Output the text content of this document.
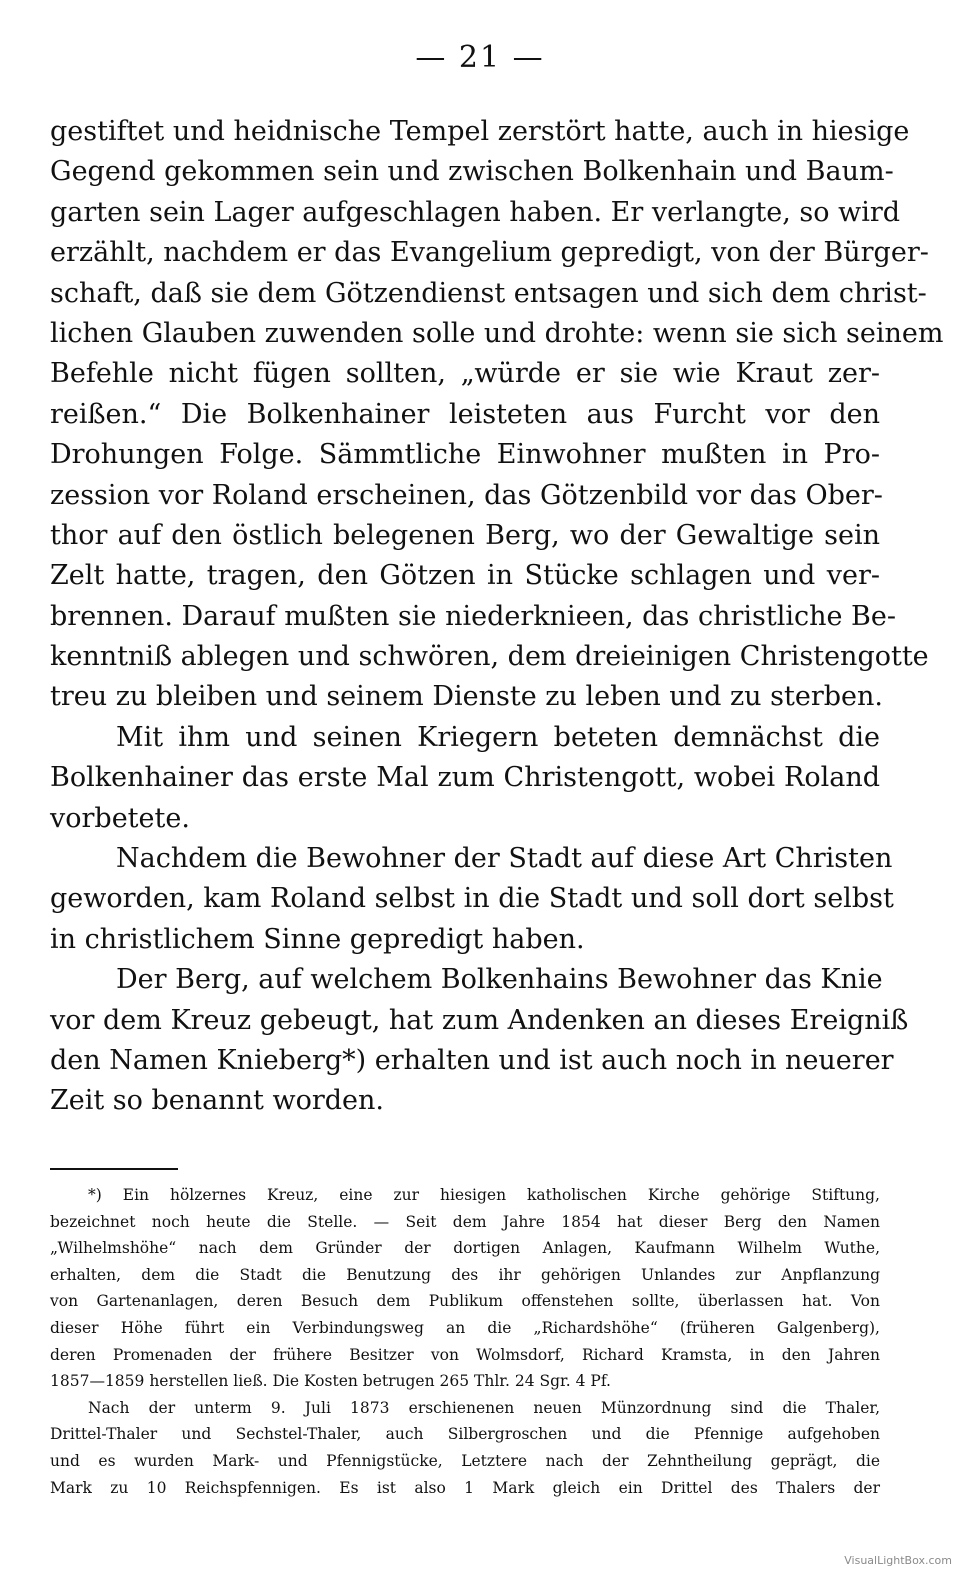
— 21 —
gestiftet und heidnische Tempel zerstört hatte, auch in hiesige
Gegend gekommen sein und zwischen Bolkenhain und Baum-
garten sein Lager aufgeschlagen haben. Er verlangte, so wird
erzählt, nachdem er das Evangelium gepredigt, von der Bürger-
schaft, daß sie dem Götzendienst entsagen und sich dem christ-
lichen Glauben zuwenden solle und drohte: wenn sie sich seinem
Befehle nicht fügen sollten, „würde er sie wie Kraut zer-
reißen.“ Die Bolkenhainer leisteten aus Furcht vor den
Drohungen Folge. Sämmtliche Einwohner mußten in Pro-
zession vor Roland erscheinen, das Götzenbild vor das Ober-
thor auf den östlich belegenen Berg, wo der Gewaltige sein
Zelt hatte, tragen, den Götzen in Stücke schlagen und ver-
brennen. Darauf mußten sie niederknieen, das christliche Be-
kenntniß ablegen und schwören, dem dreieinigen Christengotte
treu zu bleiben und seinem Dienste zu leben und zu sterben.
Mit ihm und seinen Kriegern beteten demnächst die
Bolkenhainer das erste Mal zum Christengott, wobei Roland
vorbetete.
Nachdem die Bewohner der Stadt auf diese Art Christen
geworden, kam Roland selbst in die Stadt und soll dort selbst
in christlichem Sinne gepredigt haben.
Der Berg, auf welchem Bolkenhains Bewohner das Knie
vor dem Kreuz gebeugt, hat zum Andenken an dieses Ereigniß
den Namen Knieberg*) erhalten und ist auch noch in neuerer
Zeit so benannt worden.
*) Ein hölzernes Kreuz, eine zur hiesigen katholischen Kirche gehörige Stiftung,
bezeichnet noch heute die Stelle. — Seit dem Jahre 1854 hat dieser Berg den Namen
„Wilhelmshöhe“ nach dem Gründer der dortigen Anlagen, Kaufmann Wilhelm Wuthe,
erhalten, dem die Stadt die Benutzung des ihr gehörigen Unlandes zur Anpflanzung
von Gartenanlagen, deren Besuch dem Publikum offenstehen sollte, überlassen hat. Von
dieser Höhe führt ein Verbindungsweg an die „Richardshöhe“ (früheren Galgenberg),
deren Promenaden der frühere Besitzer von Wolmsdorf, Richard Kramsta, in den Jahren
1857—1859 herstellen ließ. Die Kosten betrugen 265 Thlr. 24 Sgr. 4 Pf.
Nach der unterm 9. Juli 1873 erschienenen neuen Münzordnung sind die Thaler,
Drittel-Thaler und Sechstel-Thaler, auch Silbergroschen und die Pfennige aufgehoben
und es wurden Mark- und Pfennigstücke, Letztere nach der Zehntheilung geprägt, die
Mark zu 10 Reichspfennigen. Es ist also 1 Mark gleich ein Drittel des Thalers der
VisualLightBox.com
